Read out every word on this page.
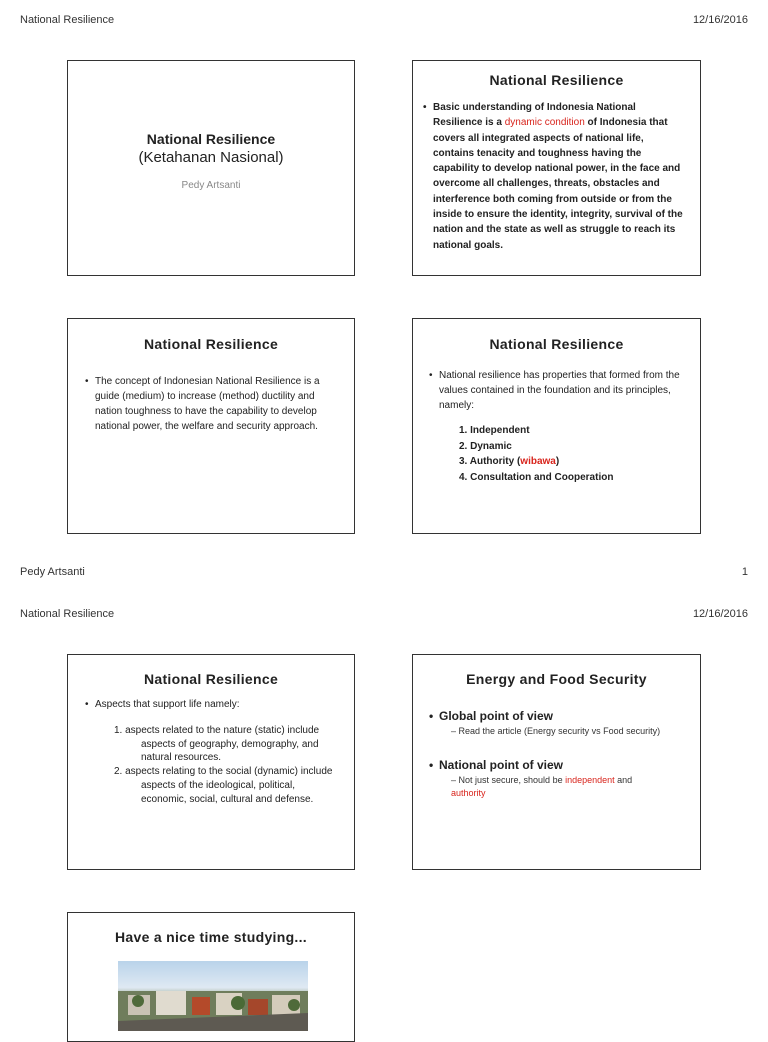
National Resilience	12/16/2016
National Resilience
(Ketahanan Nasional)
Pedy Artsanti
National Resilience
• Basic understanding of Indonesia National Resilience is a dynamic condition of Indonesia that covers all integrated aspects of national life, contains tenacity and toughness having the capability to develop national power, in the face and overcome all challenges, threats, obstacles and interference both coming from outside or from the inside to ensure the identity, integrity, survival of the nation and the state as well as struggle to reach its national goals.
National Resilience
• The concept of Indonesian National Resilience is a guide (medium) to increase (method) ductility and nation toughness to have the capability to develop national power, the welfare and security approach.
National Resilience
• National resilience has properties that formed from the values contained in the foundation and its principles, namely:
1. Independent
2. Dynamic
3. Authority (wibawa)
4. Consultation and Cooperation
Pedy Artsanti	1
National Resilience	12/16/2016
National Resilience
• Aspects that support life namely:
1. aspects related to the nature (static) include aspects of geography, demography, and natural resources.
2. aspects relating to the social (dynamic) include aspects of the ideological, political, economic, social, cultural and defense.
Energy and Food Security
• Global point of view
– Read the article (Energy security vs Food security)
• National point of view
– Not just secure, should be independent and
authority
Have a nice time studying...
